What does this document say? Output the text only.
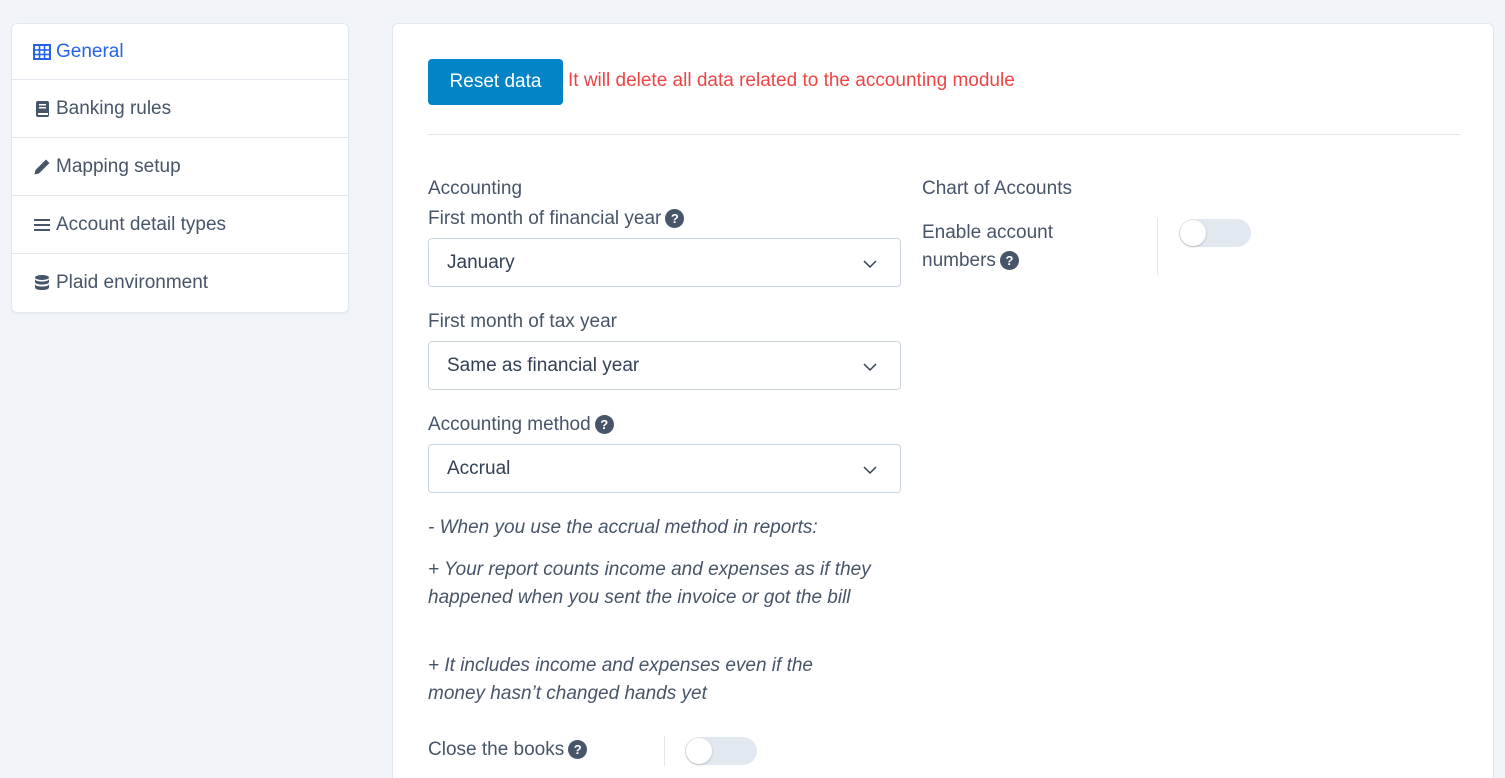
General
Banking rules
Mapping setup
Account detail types
Plaid environment
Reset data	It will delete all data related to the accounting module
Accounting
First month of financial year ?
January
First month of tax year
Same as financial year
Accounting method ?
Accrual

- When you use the accrual method in reports:

+ Your report counts income and expenses as if they happened when you sent the invoice or got the bill

+ It includes income and expenses even if the money hasn’t changed hands yet

Close the books ?
Chart of Accounts
Enable account
numbers ?
